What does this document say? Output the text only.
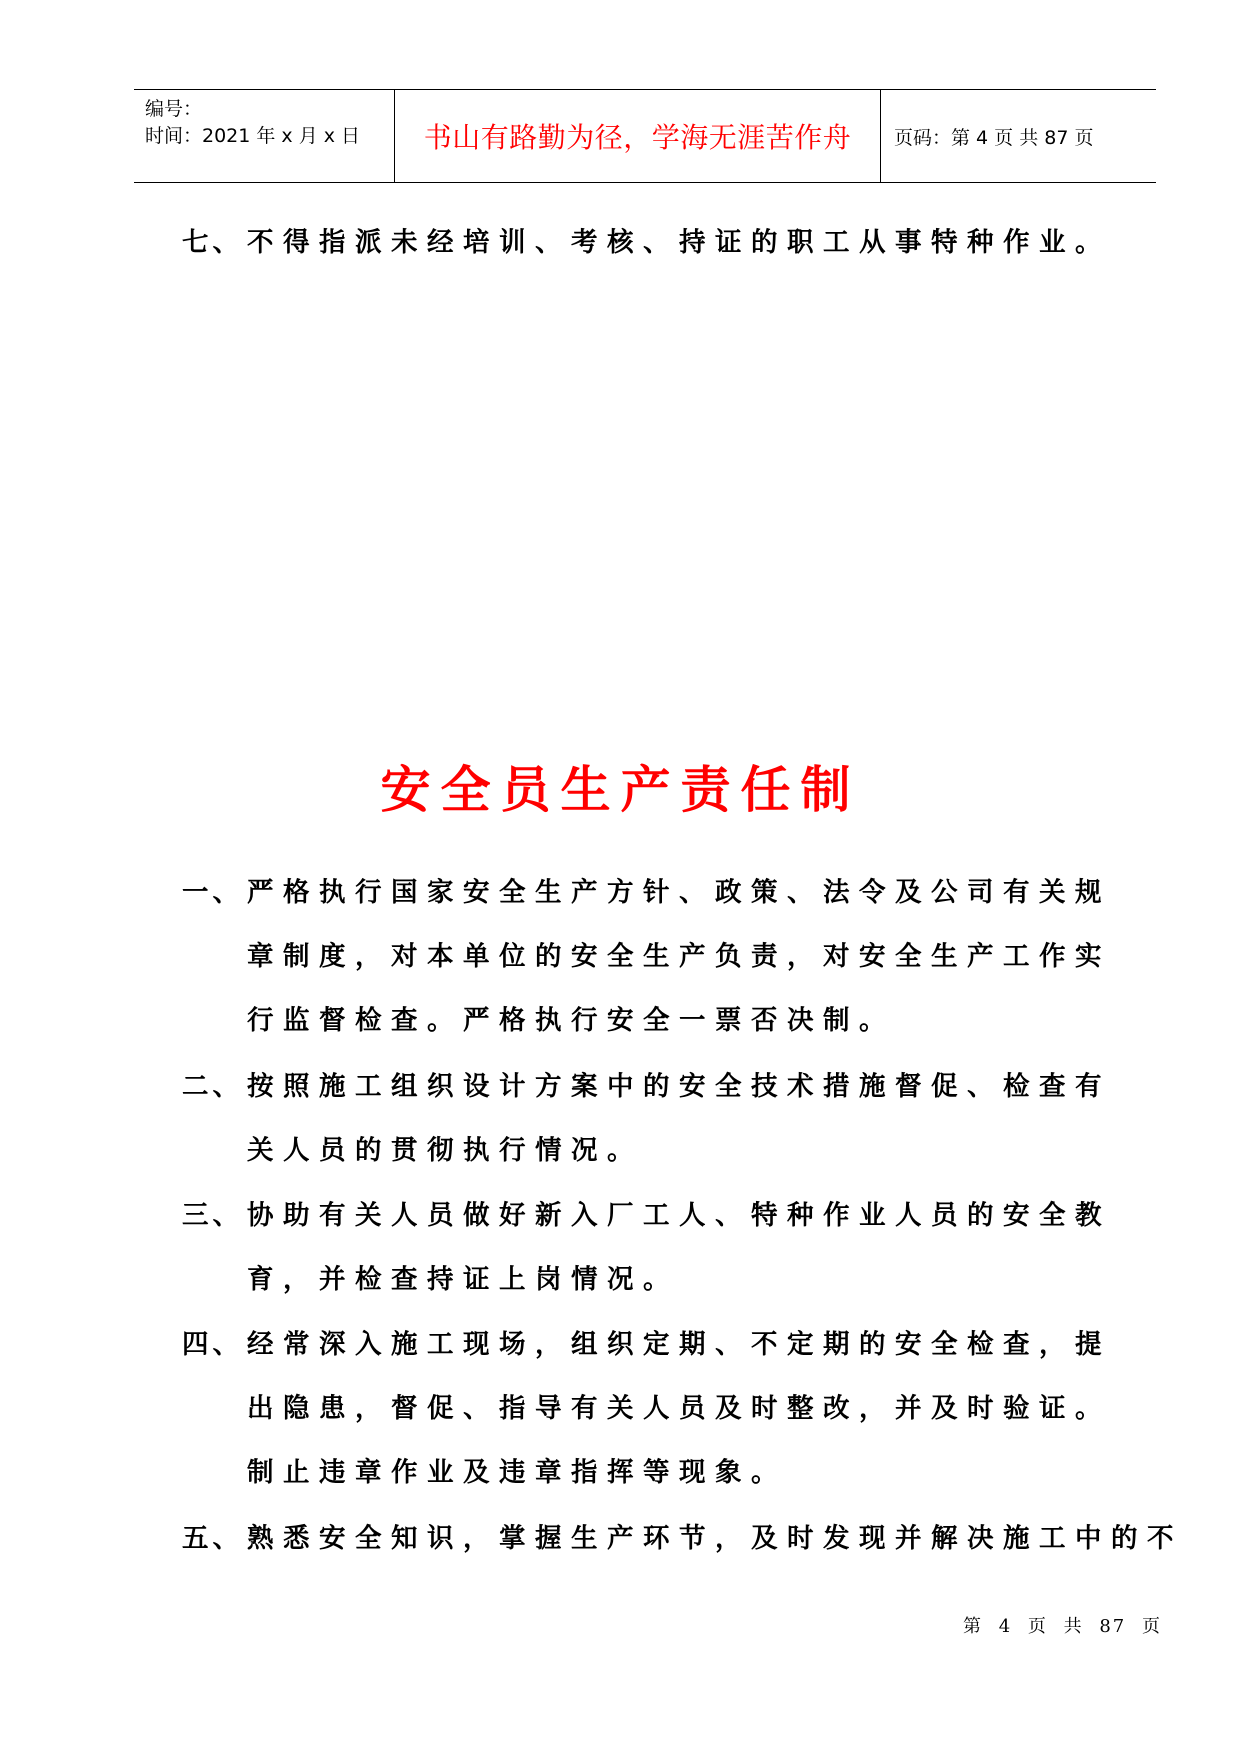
编号：
时间：2021 年 x 月 x 日 书山有路勤为径，学海无涯苦作舟 页码：第 4 页 共 87 页
七、 不得指派未经培训、考核、持证的职工从事特种作业。
安全员生产责任制
一、 严格执行国家安全生产方针、政策、法令及公司有关规章制度，对本单位的安全生产负责，对安全生产工作实行监督检查。严格执行安全一票否决制。
二、 按照施工组织设计方案中的安全技术措施督促、检查有关人员的贯彻执行情况。
三、 协助有关人员做好新入厂工人、特种作业人员的安全教育，并检查持证上岗情况。
四、 经常深入施工现场，组织定期、不定期的安全检查，提出隐患，督促、指导有关人员及时整改，并及时验证。制止违章作业及违章指挥等现象。
五、 熟悉安全知识，掌握生产环节，及时发现并解决施工中的不
第 4 页 共 87 页
